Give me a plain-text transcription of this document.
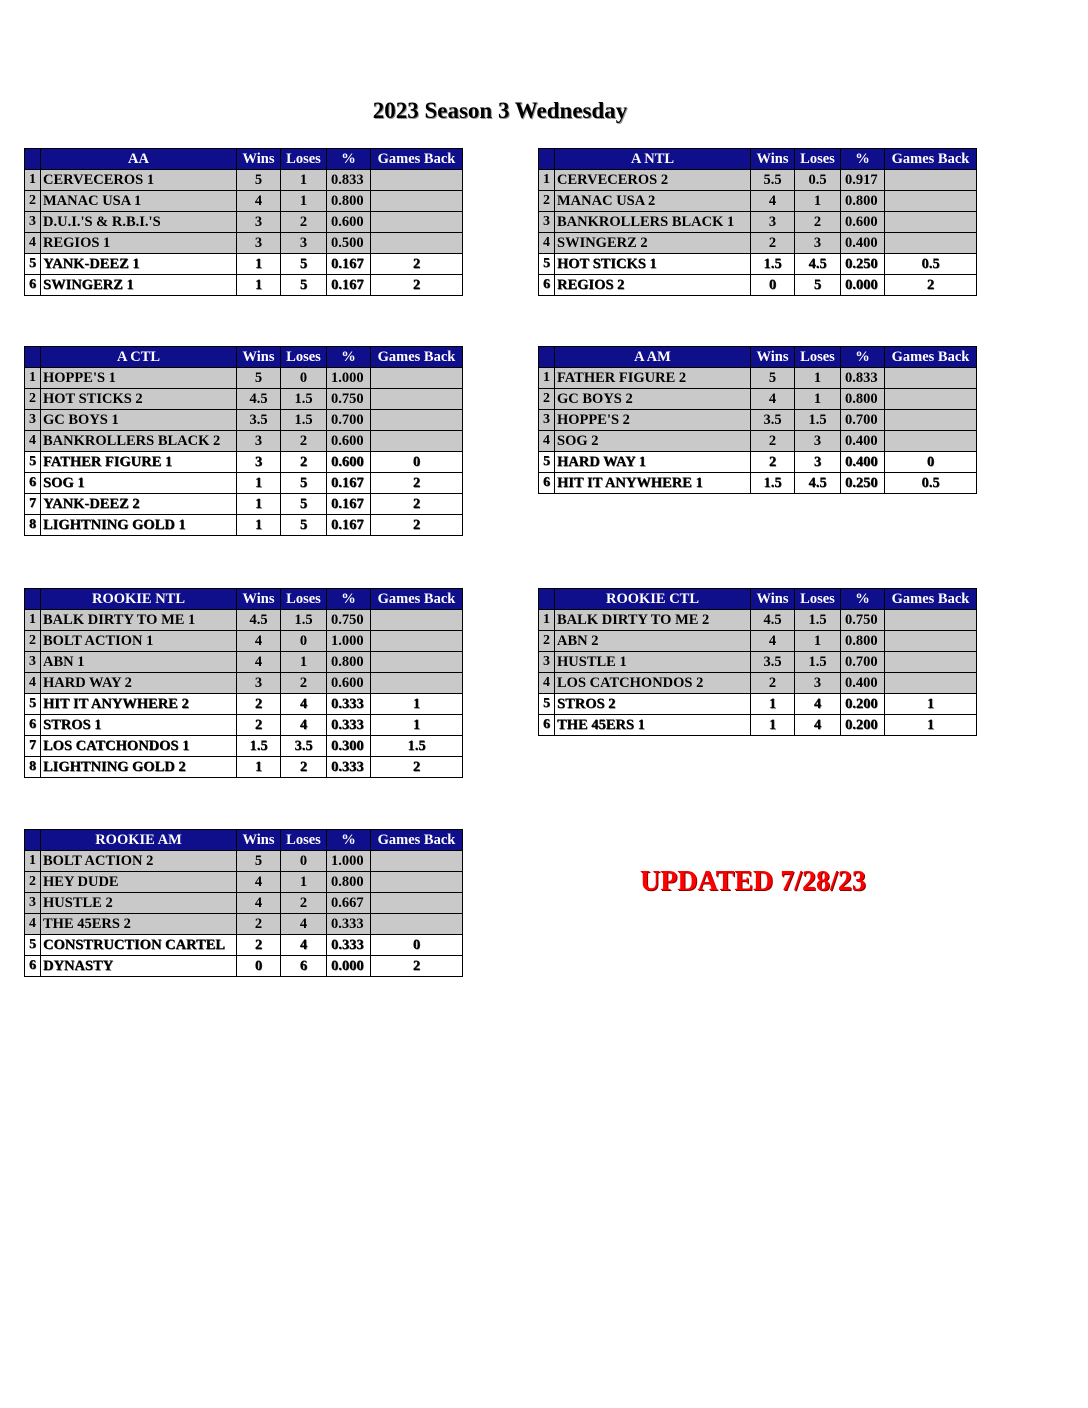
2023 Season 3 Wednesday
	AA	Wins	Loses	%	Games Back
1	CERVECEROS 1	5	1	0.833	
2	MANAC USA 1	4	1	0.800	
3	D.U.I.'S & R.B.I.'S	3	2	0.600	
4	REGIOS 1	3	3	0.500	
5	YANK-DEEZ 1	1	5	0.167	2
6	SWINGERZ 1	1	5	0.167	2
	A NTL	Wins	Loses	%	Games Back
1	CERVECEROS 2	5.5	0.5	0.917	
2	MANAC USA 2	4	1	0.800	
3	BANKROLLERS BLACK 1	3	2	0.600	
4	SWINGERZ 2	2	3	0.400	
5	HOT STICKS 1	1.5	4.5	0.250	0.5
6	REGIOS 2	0	5	0.000	2
	A CTL	Wins	Loses	%	Games Back
1	HOPPE'S 1	5	0	1.000	
2	HOT STICKS 2	4.5	1.5	0.750	
3	GC BOYS 1	3.5	1.5	0.700	
4	BANKROLLERS BLACK 2	3	2	0.600	
5	FATHER FIGURE 1	3	2	0.600	0
6	SOG 1	1	5	0.167	2
7	YANK-DEEZ 2	1	5	0.167	2
8	LIGHTNING GOLD 1	1	5	0.167	2
	A AM	Wins	Loses	%	Games Back
1	FATHER FIGURE 2	5	1	0.833	
2	GC BOYS 2	4	1	0.800	
3	HOPPE'S 2	3.5	1.5	0.700	
4	SOG 2	2	3	0.400	
5	HARD WAY 1	2	3	0.400	0
6	HIT IT ANYWHERE 1	1.5	4.5	0.250	0.5
	ROOKIE NTL	Wins	Loses	%	Games Back
1	BALK DIRTY TO ME 1	4.5	1.5	0.750	
2	BOLT ACTION 1	4	0	1.000	
3	ABN 1	4	1	0.800	
4	HARD WAY 2	3	2	0.600	
5	HIT IT ANYWHERE 2	2	4	0.333	1
6	STROS 1	2	4	0.333	1
7	LOS CATCHONDOS 1	1.5	3.5	0.300	1.5
8	LIGHTNING GOLD 2	1	2	0.333	2
	ROOKIE CTL	Wins	Loses	%	Games Back
1	BALK DIRTY TO ME 2	4.5	1.5	0.750	
2	ABN 2	4	1	0.800	
3	HUSTLE 1	3.5	1.5	0.700	
4	LOS CATCHONDOS 2	2	3	0.400	
5	STROS 2	1	4	0.200	1
6	THE 45ERS 1	1	4	0.200	1
	ROOKIE AM	Wins	Loses	%	Games Back
1	BOLT ACTION 2	5	0	1.000	
2	HEY DUDE	4	1	0.800	
3	HUSTLE 2	4	2	0.667	
4	THE 45ERS 2	2	4	0.333	
5	CONSTRUCTION CARTEL	2	4	0.333	0
6	DYNASTY	0	6	0.000	2
UPDATED 7/28/23
